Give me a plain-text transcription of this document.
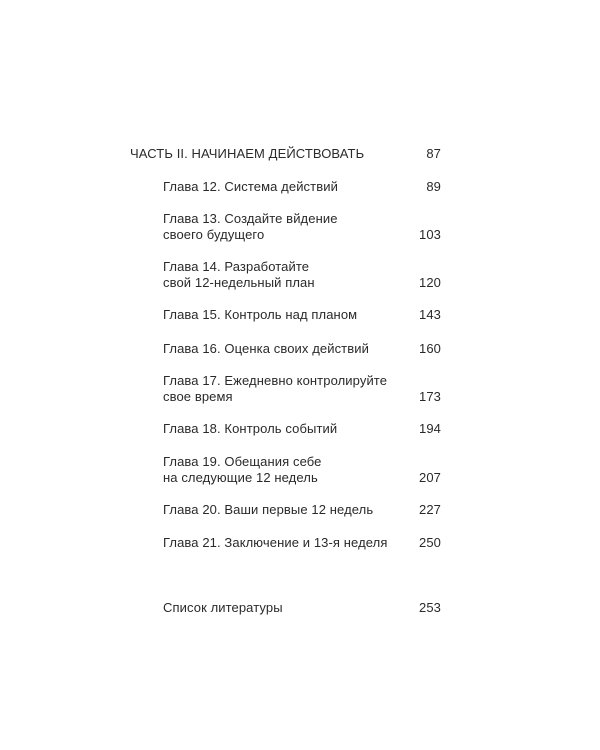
ЧАСТЬ II. НАЧИНАЕМ ДЕЙСТВОВАТЬ	87
Глава 12. Система действий	89
Глава 13. Создайте вйдение
своего будущего	103
Глава 14. Разработайте
свой 12-недельный план	120
Глава 15. Контроль над планом	143
Глава 16. Оценка своих действий	160
Глава 17. Ежедневно контролируйте
свое время	173
Глава 18. Контроль событий	194
Глава 19. Обещания себе
на следующие 12 недель	207
Глава 20. Ваши первые 12 недель	227
Глава 21. Заключение и 13-я неделя 250
Список литературы	253
